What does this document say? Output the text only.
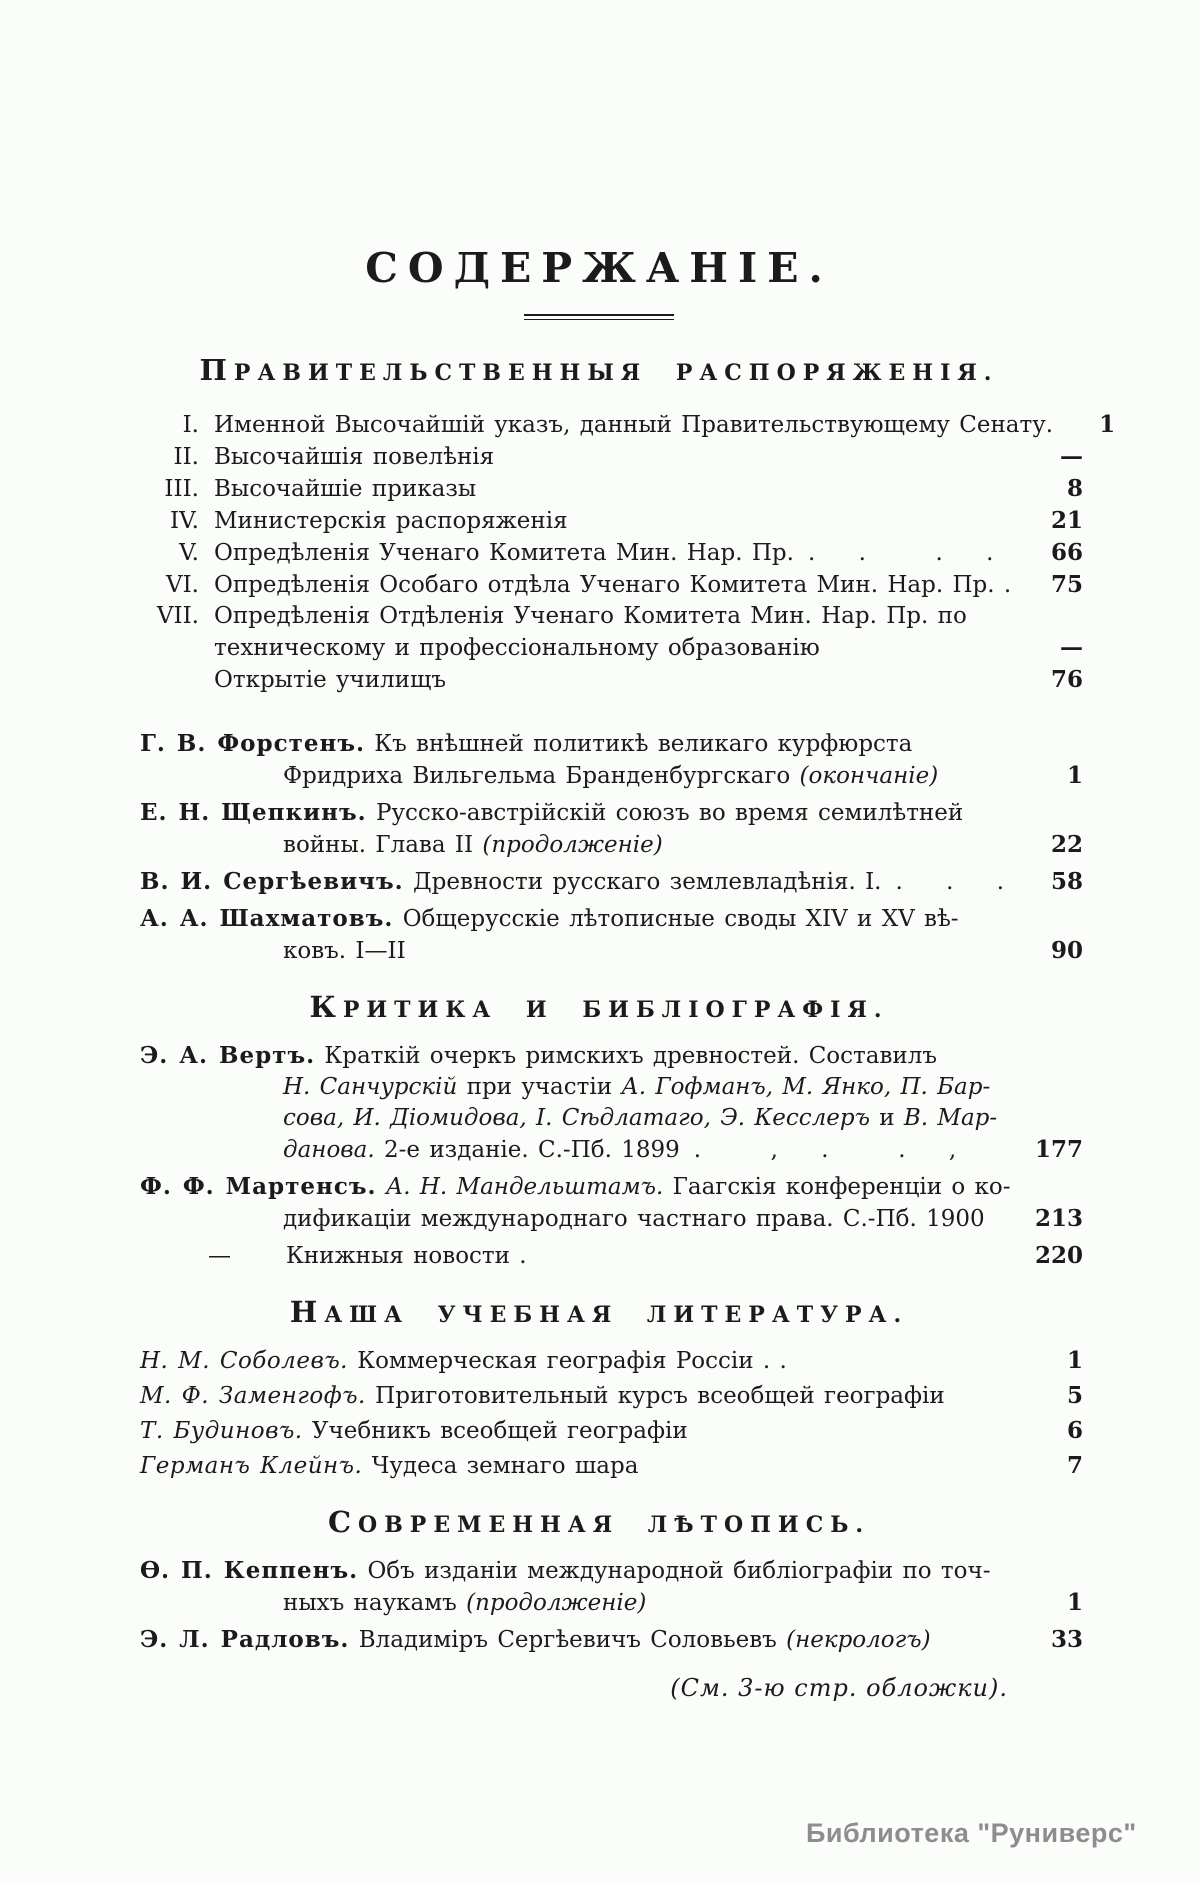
СОДЕРЖАНІЕ.
ПРАВИТЕЛЬСТВЕННЫЯ РАСПОРЯЖЕНІЯ.
I. Именной Высочайшій указъ, данный Правительствующему Сенату.	1
II. Высочайшія повелѣнія	—
III. Высочайшіе приказы	8
IV. Министерскія распоряженія	21
V. Опредѣленія Ученаго Комитета Мин. Нар. Пр. . .  . .	66
VI. Опредѣленія Особаго отдѣла Ученаго Комитета Мин. Нар. Пр. .	75
VII. Опредѣленія Отдѣленія Ученаго Комитета Мин. Нар. Пр. по
техническому и профессіональному образованію	—
Открытіе училищъ	76
Г. В. Форстенъ. Къ внѣшней политикѣ великаго курфюрста
Фридриха Вильгельма Бранденбургскаго (окончаніе)	1
Е. Н. Щепкинъ. Русско-австрійскій союзъ во время семилѣтней
войны. Глава II (продолженіе)	22
В. И. Сергѣевичъ. Древности русскаго землевладѣнія. I. . . .	58
А. А. Шахматовъ. Общерусскіе лѣтописные своды XIV и XV вѣ-
ковъ. I—II	90
КРИТИКА И БИБЛІОГРАФІЯ.
Э. А. Вертъ. Краткій очеркъ римскихъ древностей. Составилъ
Н. Санчурскій при участіи А. Гофманъ, М. Янко, П. Бар-
сова, И. Діомидова, І. Сѣдлатаго, Э. Кесслеръ и В. Мар-
данова. 2-е изданіе. С.-Пб. 1899 .  , .  . ,	177
Ф. Ф. Мартенсъ. А. Н. Мандельштамъ. Гаагскія конференціи о ко-
дификаціи международнаго частнаго права. С.-Пб. 1900	213
— Книжныя новости .	220
НАША УЧЕБНАЯ ЛИТЕРАТУРА.
Н. М. Соболевъ. Коммерческая географія Россіи . .	1
М. Ф. Заменгофъ. Приготовительный курсъ всеобщей географіи	5
Т. Будиновъ. Учебникъ всеобщей географіи	6
Германъ Клейнъ. Чудеса земнаго шара	7
СОВРЕМЕННАЯ ЛѢТОПИСЬ.
Ѳ. П. Кеппенъ. Объ изданіи международной библіографіи по точ-
ныхъ наукамъ (продолженіе)	1
Э. Л. Радловъ. Владиміръ Сергѣевичъ Соловьевъ (некрологъ)	33
(См. 3-ю стр. обложки).
Библиотека "Руниверс"
